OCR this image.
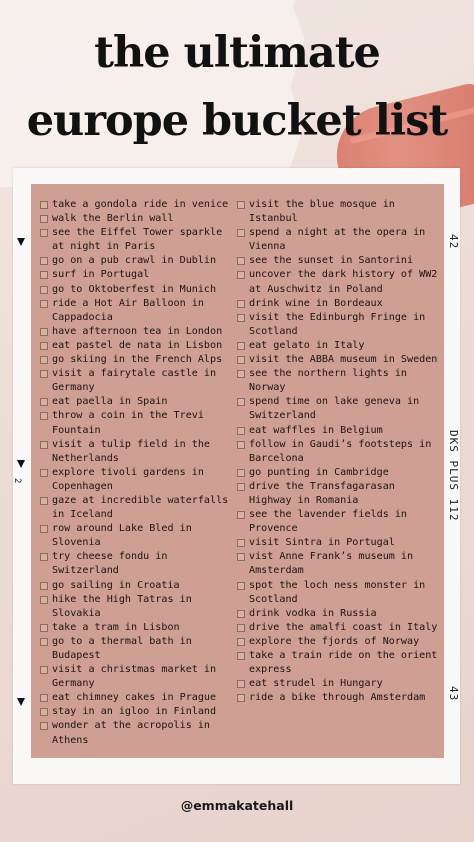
the ultimate
europe bucket list
take a gondola ride in venice
walk the Berlin wall
see the Eiffel Tower sparkle at night in Paris
go on a pub crawl in Dublin
surf in Portugal
go to Oktoberfest in Munich
ride a Hot Air Balloon in Cappadocia
have afternoon tea in London
eat pastel de nata in Lisbon
go skiing in the French Alps
visit a fairytale castle in Germany
eat paella in Spain
throw a coin in the Trevi Fountain
visit a tulip field in the Netherlands
explore tivoli gardens in Copenhagen
gaze at incredible waterfalls in Iceland
row around Lake Bled in Slovenia
try cheese fondu in Switzerland
go sailing in Croatia
hike the High Tatras in Slovakia
take a tram in Lisbon
go to a thermal bath in Budapest
visit a christmas market in Germany
eat chimney cakes in Prague
stay in an igloo in Finland
wonder at the acropolis in Athens
visit the blue mosque in Istanbul
spend a night at the opera in Vienna
see the sunset in Santorini
uncover the dark history of WW2 at Auschwitz in Poland
drink wine in Bordeaux
visit the Edinburgh Fringe in Scotland
eat gelato in Italy
visit the ABBA museum in Sweden
see the northern lights in Norway
spend time on lake geneva in Switzerland
eat waffles in Belgium
follow in Gaudi’s footsteps in Barcelona
go punting in Cambridge
drive the Transfagarasan Highway in Romania
see the lavender fields in Provence
visit Sintra in Portugal
vist Anne Frank’s museum in Amsterdam
spot the loch ness monster in Scotland
drink vodka in Russia
drive the amalfi coast in Italy
explore the fjords of Norway
take a train ride on the orient express
eat strudel in Hungary
ride a bike through Amsterdam
2
42
DKS PLUS 112
43
@emmakatehall
